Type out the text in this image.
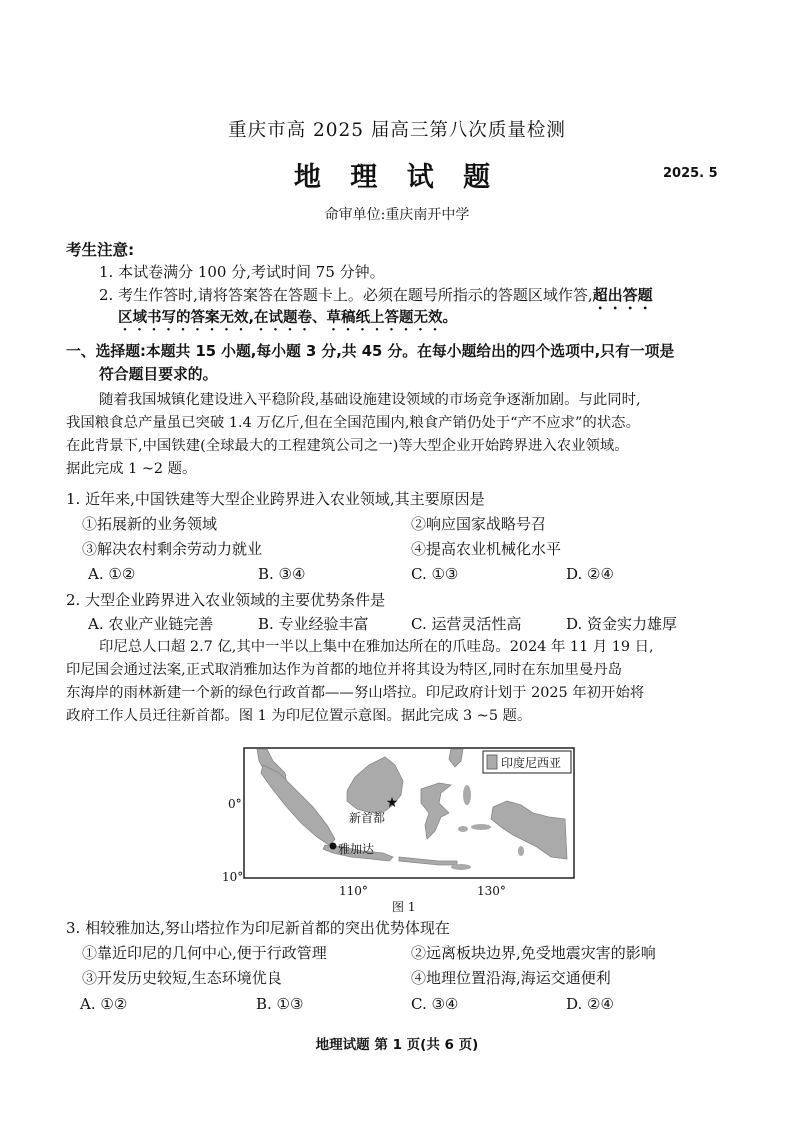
重庆市高 2025 届高三第八次质量检测
地 理 试 题	2025. 5
命审单位:重庆南开中学
考生注意:
1. 本试卷满分 100 分,考试时间 75 分钟。
2. 考生作答时,请将答案答在答题卡上。必须在题号所指示的答题区域作答,超出答题
区域书写的答案无效,在试题卷、草稿纸上答题无效。
一、选择题:本题共 15 小题,每小题 3 分,共 45 分。在每小题给出的四个选项中,只有一项是
符合题目要求的。
随着我国城镇化建设进入平稳阶段,基础设施建设领域的市场竞争逐渐加剧。与此同时,
我国粮食总产量虽已突破 1.4 万亿斤,但在全国范围内,粮食产销仍处于“产不应求”的状态。
在此背景下,中国铁建(全球最大的工程建筑公司之一)等大型企业开始跨界进入农业领域。
据此完成 1 ~2 题。
1. 近年来,中国铁建等大型企业跨界进入农业领域,其主要原因是
①拓展新的业务领域	②响应国家战略号召
③解决农村剩余劳动力就业	④提高农业机械化水平
A. ①②	B. ③④	C. ①③	D. ②④
2. 大型企业跨界进入农业领域的主要优势条件是
A. 农业产业链完善	B. 专业经验丰富	C. 运营灵活性高	D. 资金实力雄厚
印尼总人口超 2.7 亿,其中一半以上集中在雅加达所在的爪哇岛。2024 年 11 月 19 日,
印尼国会通过法案,正式取消雅加达作为首都的地位并将其设为特区,同时在东加里曼丹岛
东海岸的雨林新建一个新的绿色行政首都——努山塔拉。印尼政府计划于 2025 年初开始将
政府工作人员迁往新首都。图 1 为印尼位置示意图。据此完成 3 ~5 题。
印度尼西亚
★
新首都
雅加达
0°
10°
110°	130°
图 1
3. 相较雅加达,努山塔拉作为印尼新首都的突出优势体现在
①靠近印尼的几何中心,便于行政管理	②远离板块边界,免受地震灾害的影响
③开发历史较短,生态环境优良	④地理位置沿海,海运交通便利
A. ①②	B. ①③	C. ③④	D. ②④
地理试题 第 1 页(共 6 页)
